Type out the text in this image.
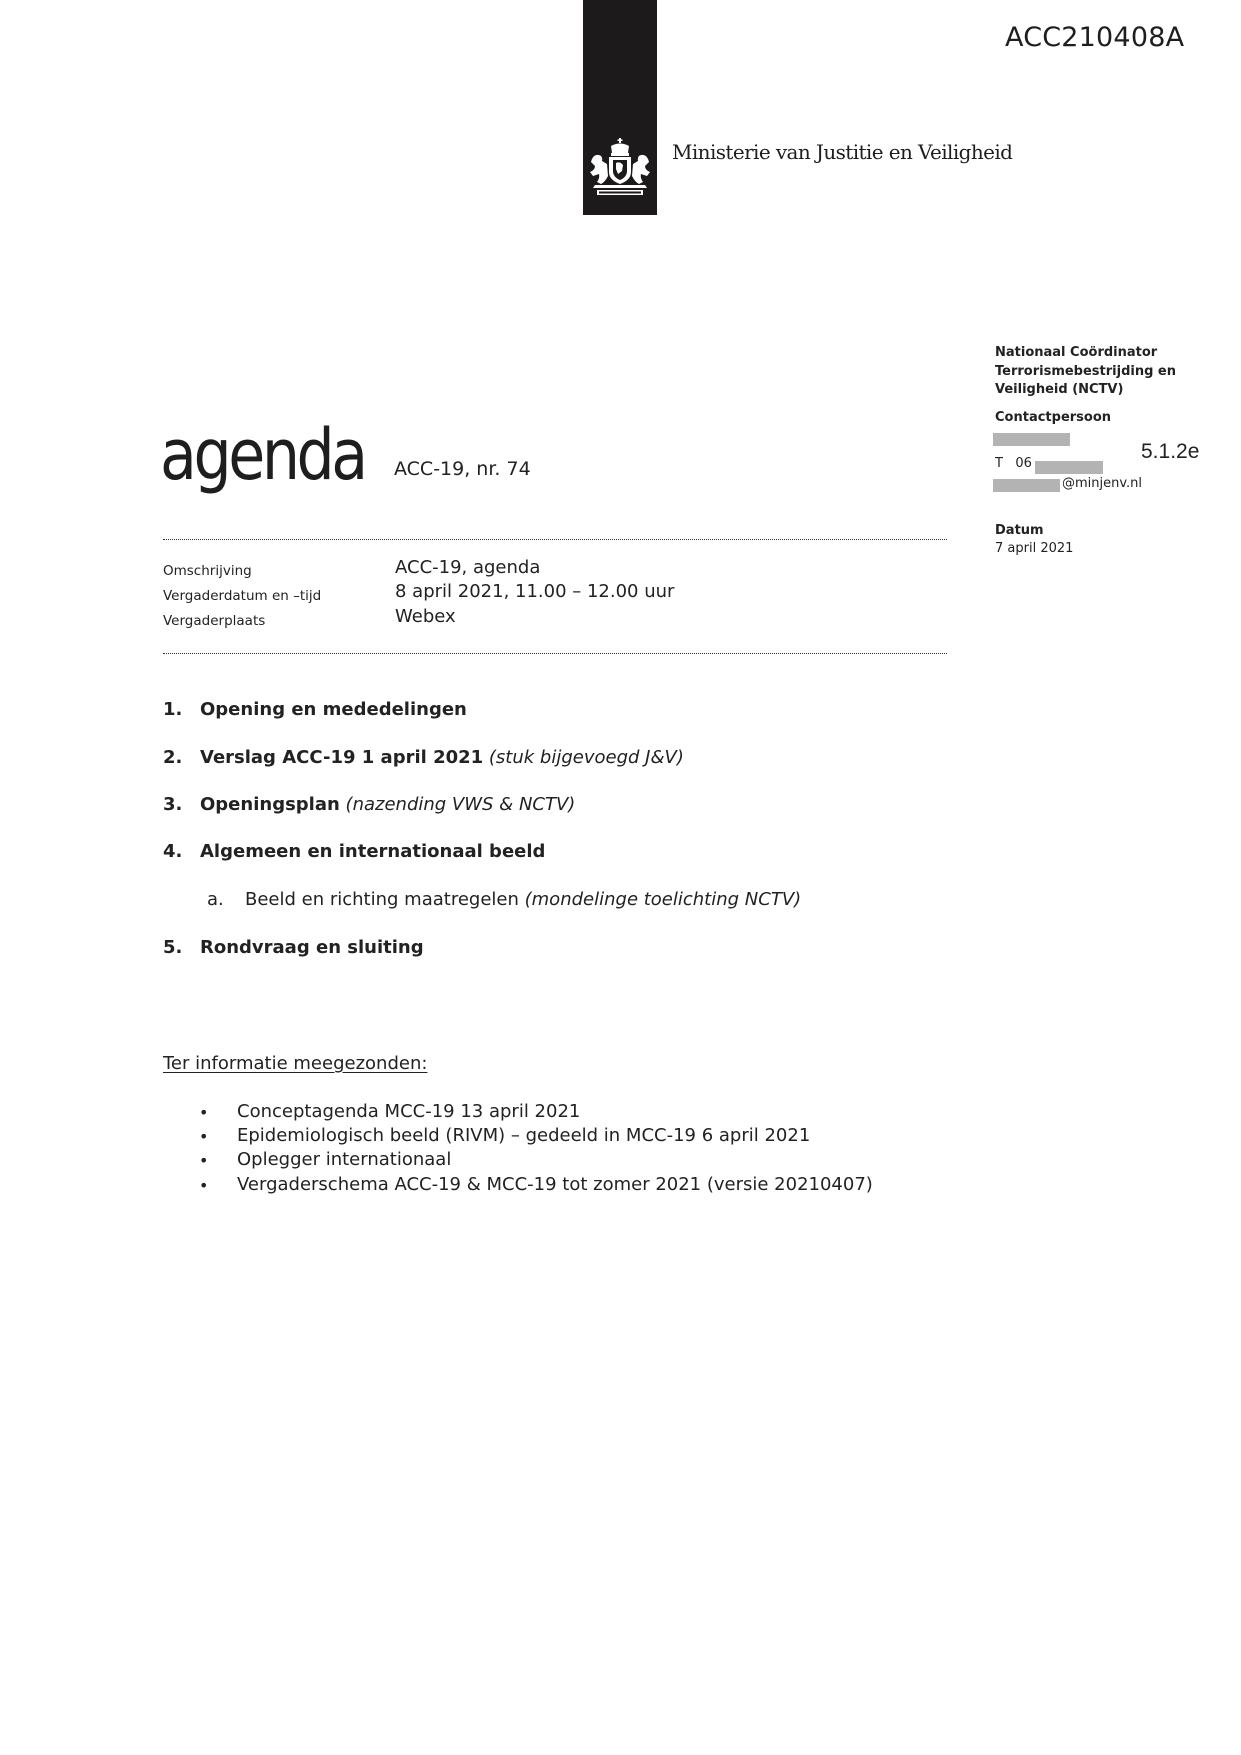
ACC210408A
Ministerie van Justitie en Veiligheid
Nationaal Coördinator
Terrorismebestrijding en
Veiligheid (NCTV)
Contactpersoon
T   06
@minjenv.nl
5.1.2e
Datum
7 april 2021
agenda ACC-19, nr. 74
Omschrijving	ACC-19, agenda
Vergaderdatum en –tijd	8 april 2021, 11.00 – 12.00 uur
Vergaderplaats	Webex
1. Opening en mededelingen
2. Verslag ACC-19 1 april 2021 (stuk bijgevoegd J&V)
3. Openingsplan (nazending VWS & NCTV)
4. Algemeen en internationaal beeld
a. Beeld en richting maatregelen (mondelinge toelichting NCTV)
5. Rondvraag en sluiting
Ter informatie meegezonden:
• Conceptagenda MCC-19 13 april 2021
• Epidemiologisch beeld (RIVM) – gedeeld in MCC-19 6 april 2021
• Oplegger internationaal
• Vergaderschema ACC-19 & MCC-19 tot zomer 2021 (versie 20210407)
